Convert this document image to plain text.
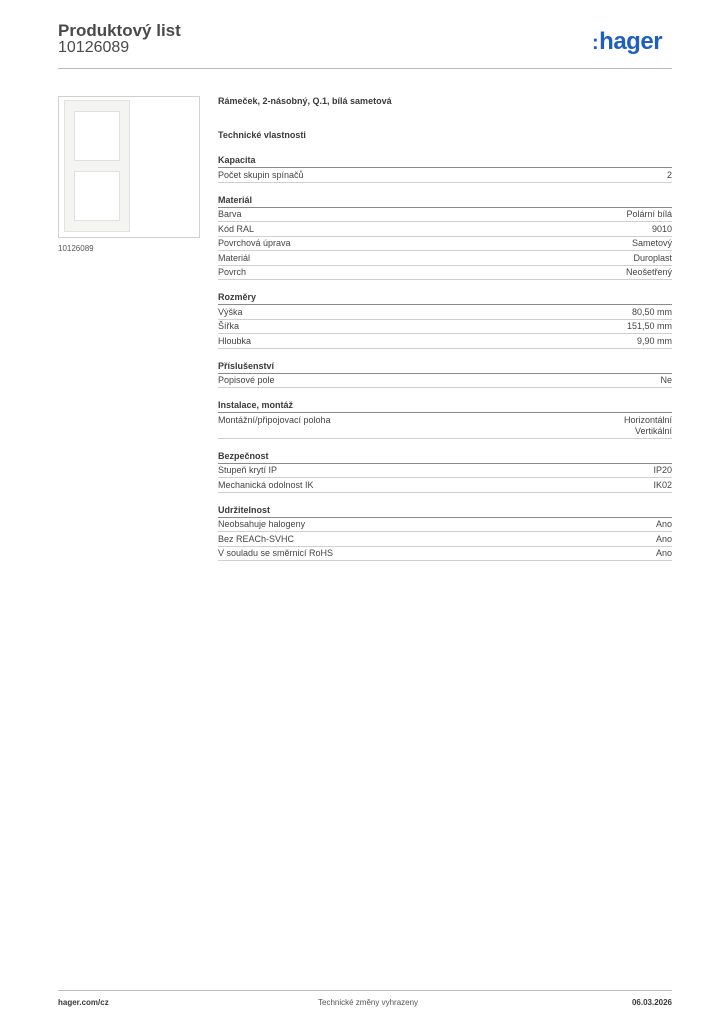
Produktový list
10126089	:hager
10126089
Rámeček, 2-násobný, Q.1, bílá sametová
Technické vlastnosti
Kapacita
Počet skupin spínačů	2
Materiál
Barva	Polární bílá
Kód RAL	9010
Povrchová úprava	Sametový
Materiál	Duroplast
Povrch	Neošetřený
Rozměry
Výška	80,50 mm
Šířka	151,50 mm
Hloubka	9,90 mm
Příslušenství
Popisové pole	Ne
Instalace, montáž
Montážní/připojovací poloha	Horizontální
Vertikální
Bezpečnost
Stupeň krytí IP	IP20
Mechanická odolnost IK	IK02
Udržitelnost
Neobsahuje halogeny	Ano
Bez REACh-SVHC	Ano
V souladu se směrnicí RoHS	Ano
hager.com/cz	Technické změny vyhrazeny	06.03.2026
